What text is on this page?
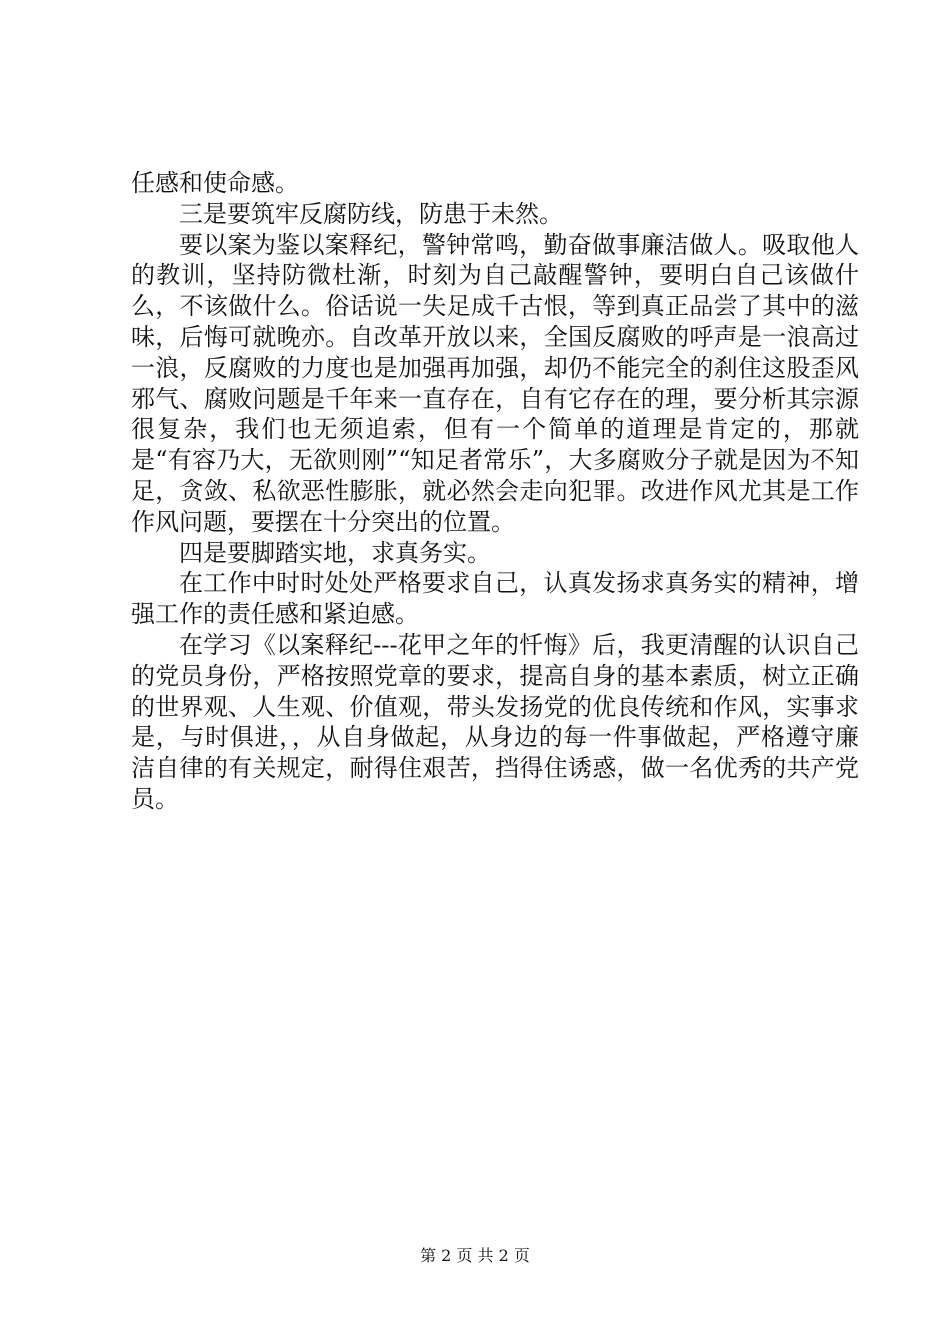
任感和使命感。

三是要筑牢反腐防线，防患于未然。

要以案为鉴以案释纪，警钟常鸣，勤奋做事廉洁做人。吸取他人的教训，坚持防微杜渐，时刻为自己敲醒警钟，要明白自己该做什么，不该做什么。俗话说一失足成千古恨，等到真正品尝了其中的滋味，后悔可就晚亦。自改革开放以来，全国反腐败的呼声是一浪高过一浪，反腐败的力度也是加强再加强，却仍不能完全的刹住这股歪风邪气、腐败问题是千年来一直存在，自有它存在的理，要分析其宗源很复杂，我们也无须追索，但有一个简单的道理是肯定的，那就是“有容乃大，无欲则刚”“知足者常乐”，大多腐败分子就是因为不知足，贪敛、私欲恶性膨胀，就必然会走向犯罪。改进作风尤其是工作作风问题，要摆在十分突出的位置。

四是要脚踏实地，求真务实。

在工作中时时处处严格要求自己，认真发扬求真务实的精神，增强工作的责任感和紧迫感。

在学习《以案释纪---花甲之年的忏悔》后，我更清醒的认识自己的党员身份，严格按照党章的要求，提高自身的基本素质，树立正确的世界观、人生观、价值观，带头发扬党的优良传统和作风，实事求是，与时俱进，，从自身做起，从身边的每一件事做起，严格遵守廉洁自律的有关规定，耐得住艰苦，挡得住诱惑，做一名优秀的共产党员。

第 2 页 共 2 页
